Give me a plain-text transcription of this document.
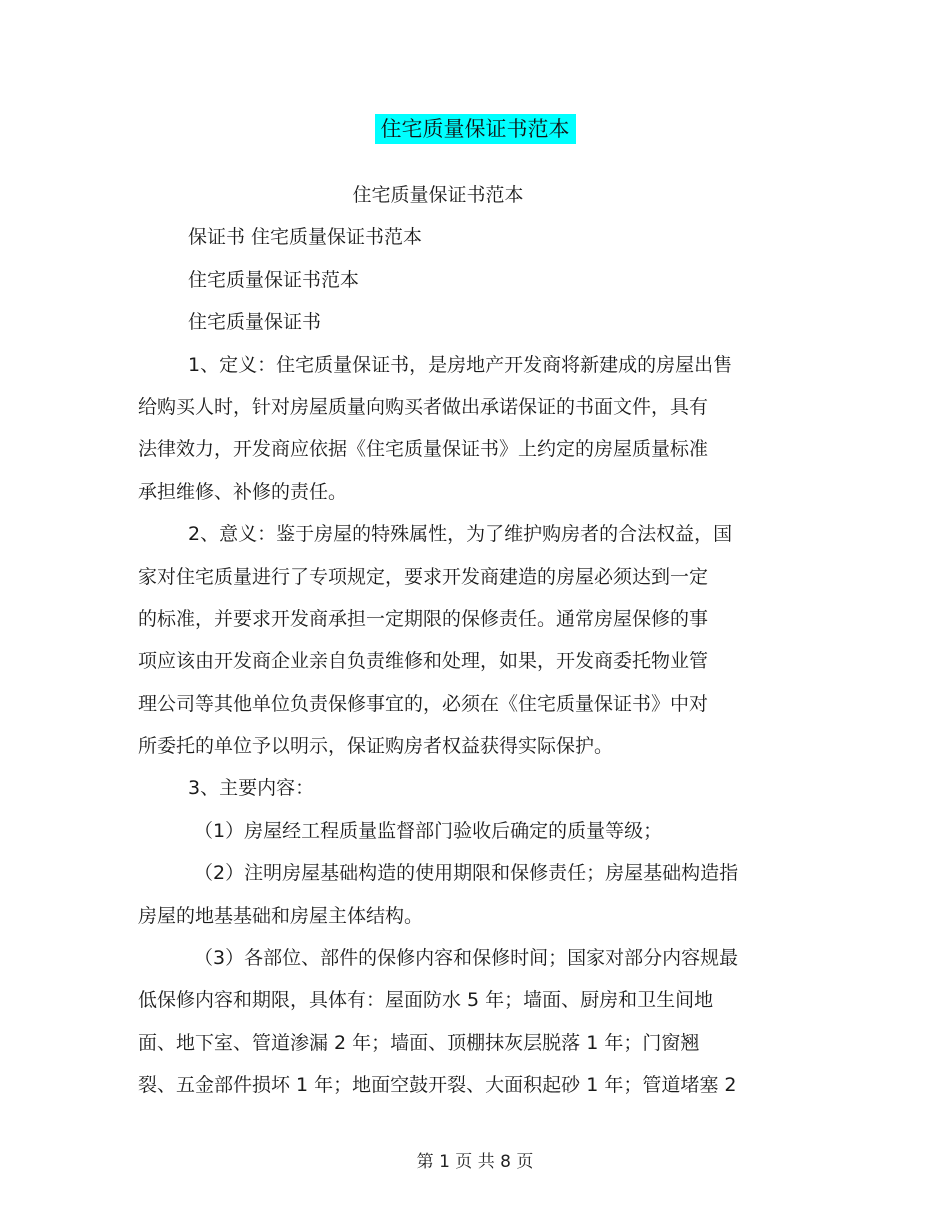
住宅质量保证书范本
住宅质量保证书范本
保证书 住宅质量保证书范本
住宅质量保证书范本
住宅质量保证书
1、定义：住宅质量保证书，是房地产开发商将新建成的房屋出售
给购买人时，针对房屋质量向购买者做出承诺保证的书面文件，具有
法律效力，开发商应依据《住宅质量保证书》上约定的房屋质量标准
承担维修、补修的责任。
2、意义：鉴于房屋的特殊属性，为了维护购房者的合法权益，国
家对住宅质量进行了专项规定，要求开发商建造的房屋必须达到一定
的标准，并要求开发商承担一定期限的保修责任。通常房屋保修的事
项应该由开发商企业亲自负责维修和处理，如果，开发商委托物业管
理公司等其他单位负责保修事宜的，必须在《住宅质量保证书》中对
所委托的单位予以明示，保证购房者权益获得实际保护。
3、主要内容：
（1）房屋经工程质量监督部门验收后确定的质量等级；
（2）注明房屋基础构造的使用期限和保修责任；房屋基础构造指
房屋的地基基础和房屋主体结构。
（3）各部位、部件的保修内容和保修时间；国家对部分内容规最
低保修内容和期限，具体有：屋面防水 5 年；墙面、厨房和卫生间地
面、地下室、管道渗漏 2 年；墙面、顶棚抹灰层脱落 1 年；门窗翘
裂、五金部件损坏 1 年；地面空鼓开裂、大面积起砂 1 年；管道堵塞 2
第 1 页 共 8 页
